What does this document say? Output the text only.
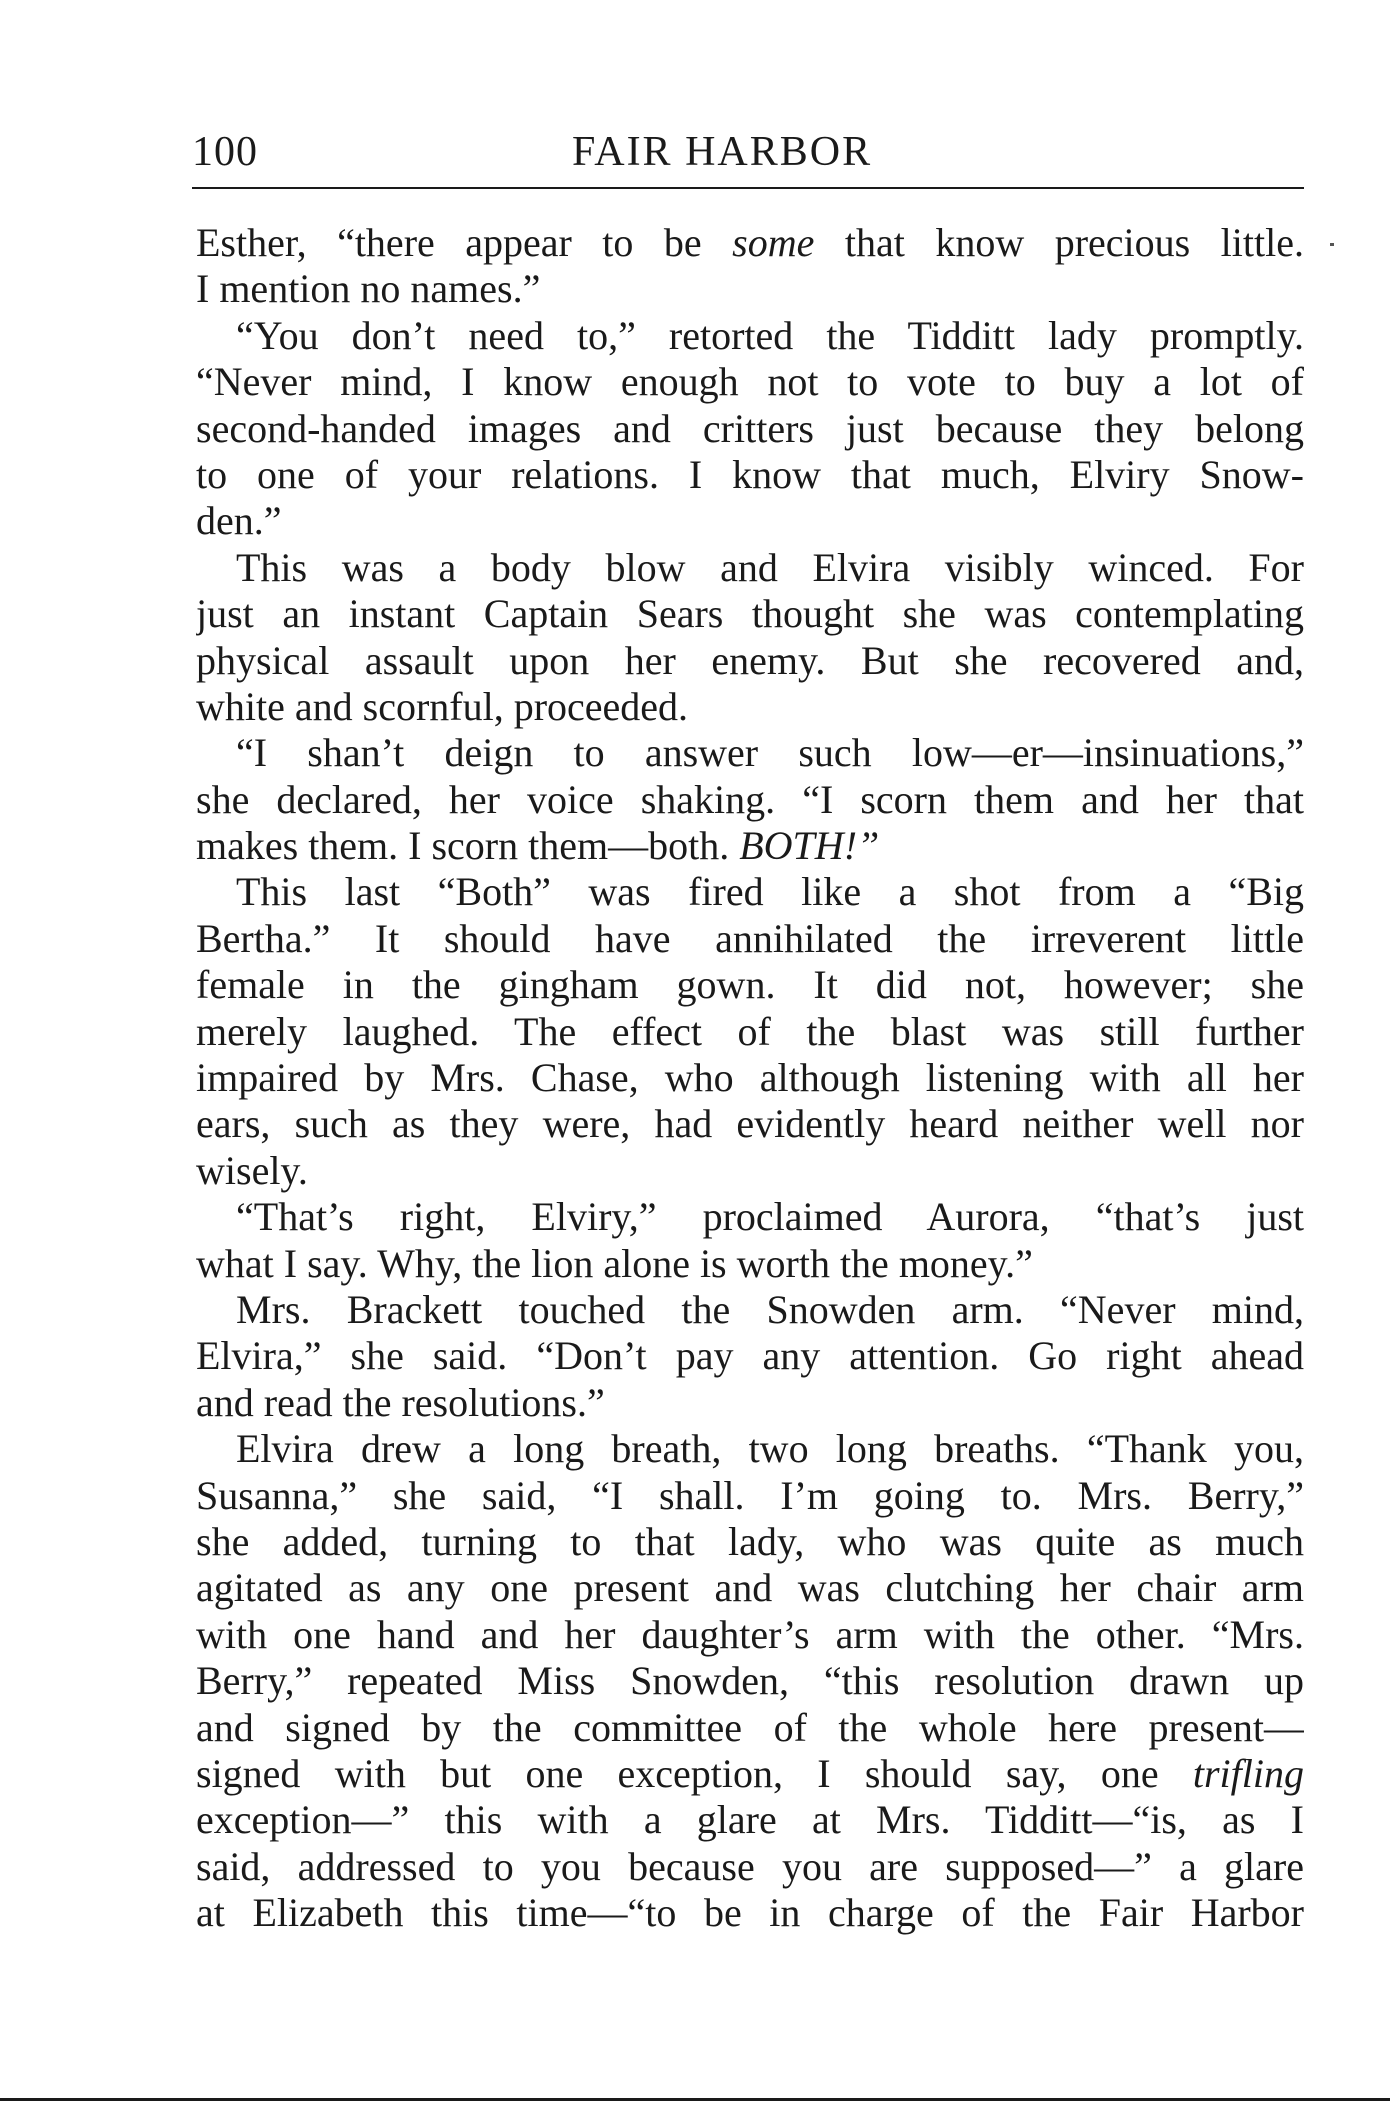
100	FAIR HARBOR
Esther, “there appear to be some that know precious little.
I mention no names.”
“You don’t need to,” retorted the Tidditt lady promptly.
“Never mind, I know enough not to vote to buy a lot of
second-handed images and critters just because they belong
to one of your relations. I know that much, Elviry Snow-
den.”
This was a body blow and Elvira visibly winced. For
just an instant Captain Sears thought she was contemplating
physical assault upon her enemy. But she recovered and,
white and scornful, proceeded.
“I shan’t deign to answer such low—er—insinuations,”
she declared, her voice shaking. “I scorn them and her that
makes them. I scorn them—both. BOTH!”
This last “Both” was fired like a shot from a “Big
Bertha.” It should have annihilated the irreverent little
female in the gingham gown. It did not, however; she
merely laughed. The effect of the blast was still further
impaired by Mrs. Chase, who although listening with all her
ears, such as they were, had evidently heard neither well nor
wisely.
“That’s right, Elviry,” proclaimed Aurora, “that’s just
what I say. Why, the lion alone is worth the money.”
Mrs. Brackett touched the Snowden arm. “Never mind,
Elvira,” she said. “Don’t pay any attention. Go right ahead
and read the resolutions.”
Elvira drew a long breath, two long breaths. “Thank you,
Susanna,” she said, “I shall. I’m going to. Mrs. Berry,”
she added, turning to that lady, who was quite as much
agitated as any one present and was clutching her chair arm
with one hand and her daughter’s arm with the other. “Mrs.
Berry,” repeated Miss Snowden, “this resolution drawn up
and signed by the committee of the whole here present—
signed with but one exception, I should say, one trifling
exception—” this with a glare at Mrs. Tidditt—“is, as I
said, addressed to you because you are supposed—” a glare
at Elizabeth this time—“to be in charge of the Fair Harbor
